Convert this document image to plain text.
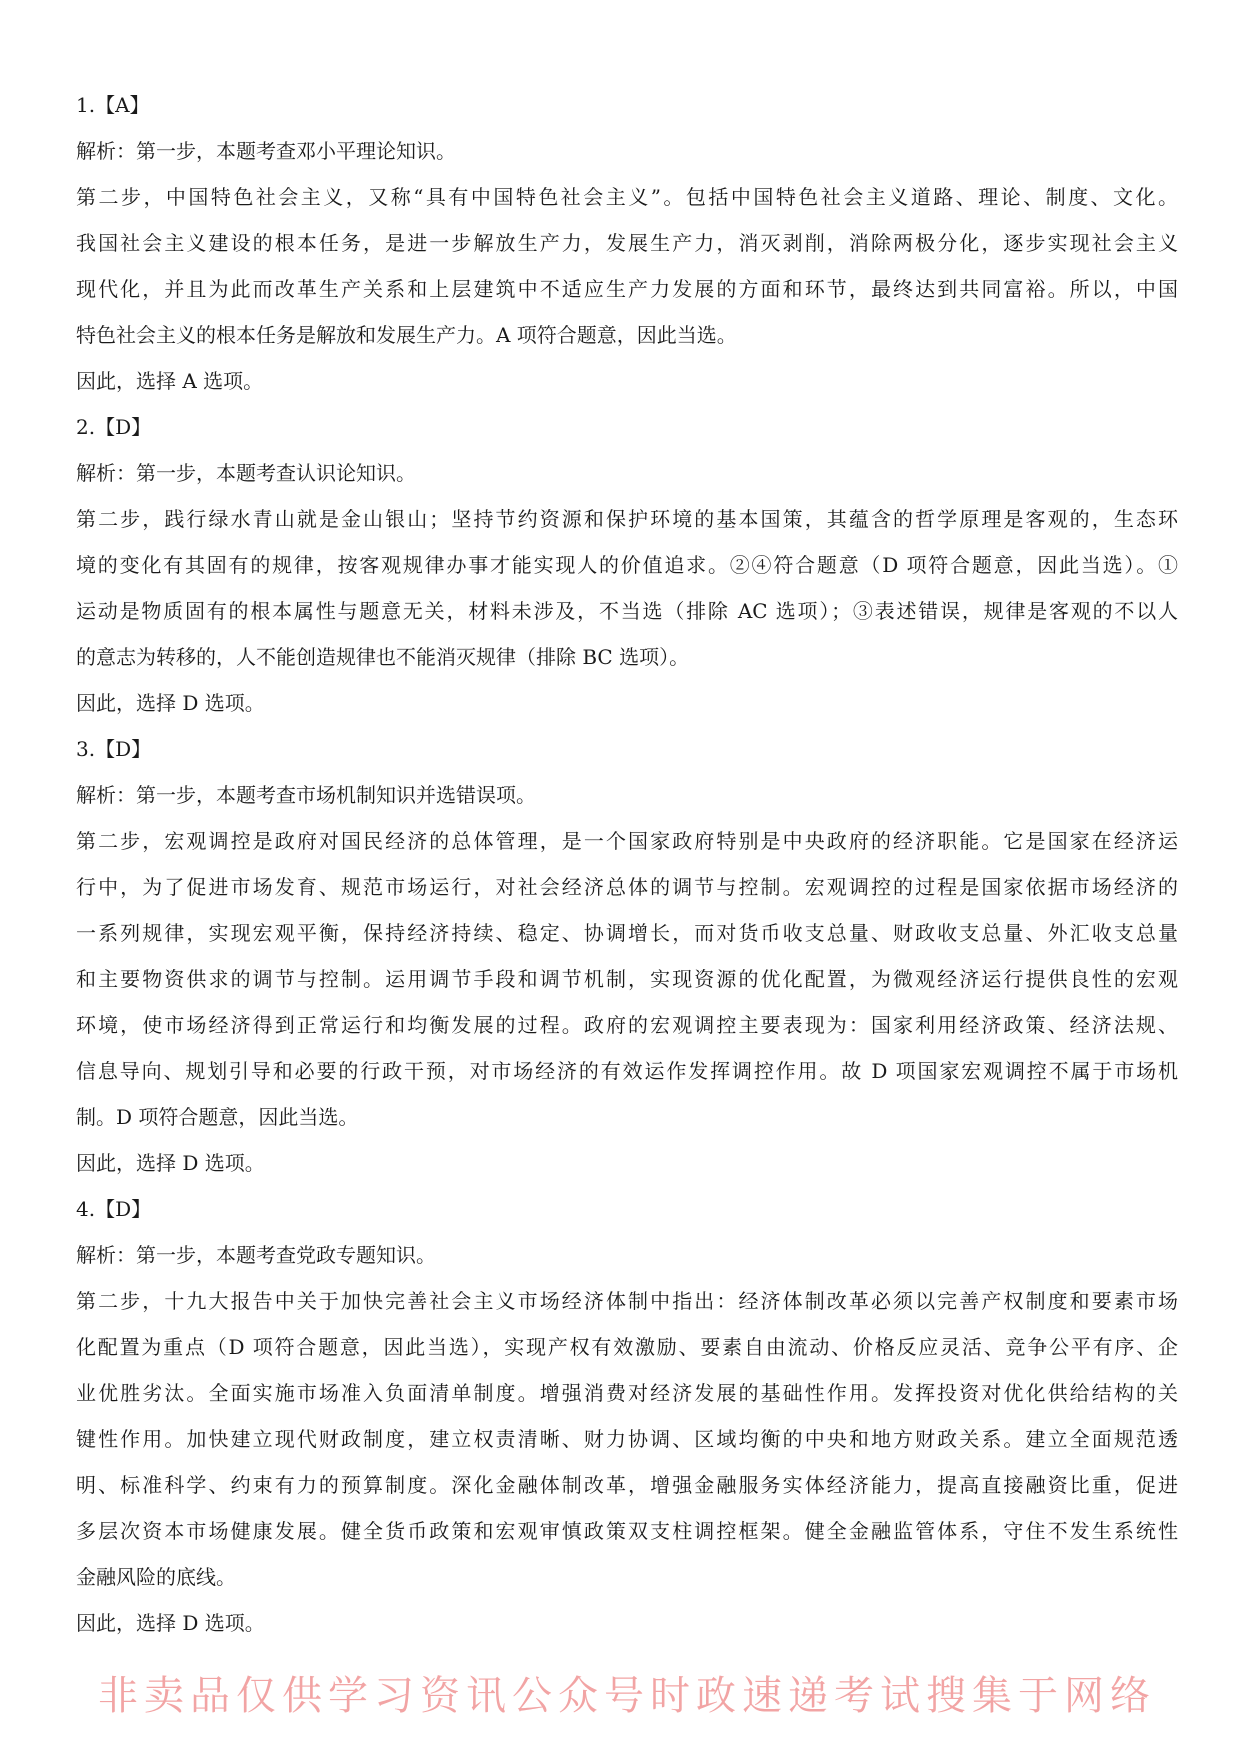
1.【A】
解析：第一步，本题考查邓小平理论知识。
第二步，中国特色社会主义，又称“具有中国特色社会主义”。包括中国特色社会主义道路、理论、制度、文化。
我国社会主义建设的根本任务，是进一步解放生产力，发展生产力，消灭剥削，消除两极分化，逐步实现社会主义
现代化，并且为此而改革生产关系和上层建筑中不适应生产力发展的方面和环节，最终达到共同富裕。所以，中国
特色社会主义的根本任务是解放和发展生产力。A 项符合题意，因此当选。
因此，选择 A 选项。
2.【D】
解析：第一步，本题考查认识论知识。
第二步，践行绿水青山就是金山银山；坚持节约资源和保护环境的基本国策，其蕴含的哲学原理是客观的，生态环
境的变化有其固有的规律，按客观规律办事才能实现人的价值追求。②④符合题意（D 项符合题意，因此当选）。①
运动是物质固有的根本属性与题意无关，材料未涉及，不当选（排除 AC 选项）；③表述错误，规律是客观的不以人
的意志为转移的，人不能创造规律也不能消灭规律（排除 BC 选项）。
因此，选择 D 选项。
3.【D】
解析：第一步，本题考查市场机制知识并选错误项。
第二步，宏观调控是政府对国民经济的总体管理，是一个国家政府特别是中央政府的经济职能。它是国家在经济运
行中，为了促进市场发育、规范市场运行，对社会经济总体的调节与控制。宏观调控的过程是国家依据市场经济的
一系列规律，实现宏观平衡，保持经济持续、稳定、协调增长，而对货币收支总量、财政收支总量、外汇收支总量
和主要物资供求的调节与控制。运用调节手段和调节机制，实现资源的优化配置，为微观经济运行提供良性的宏观
环境，使市场经济得到正常运行和均衡发展的过程。政府的宏观调控主要表现为：国家利用经济政策、经济法规、
信息导向、规划引导和必要的行政干预，对市场经济的有效运作发挥调控作用。故 D 项国家宏观调控不属于市场机
制。D 项符合题意，因此当选。
因此，选择 D 选项。
4.【D】
解析：第一步，本题考查党政专题知识。
第二步，十九大报告中关于加快完善社会主义市场经济体制中指出：经济体制改革必须以完善产权制度和要素市场
化配置为重点（D 项符合题意，因此当选），实现产权有效激励、要素自由流动、价格反应灵活、竞争公平有序、企
业优胜劣汰。全面实施市场准入负面清单制度。增强消费对经济发展的基础性作用。发挥投资对优化供给结构的关
键性作用。加快建立现代财政制度，建立权责清晰、财力协调、区域均衡的中央和地方财政关系。建立全面规范透
明、标准科学、约束有力的预算制度。深化金融体制改革，增强金融服务实体经济能力，提高直接融资比重，促进
多层次资本市场健康发展。健全货币政策和宏观审慎政策双支柱调控框架。健全金融监管体系，守住不发生系统性
金融风险的底线。
因此，选择 D 选项。
非卖品仅供学习资讯公众号时政速递考试搜集于网络
